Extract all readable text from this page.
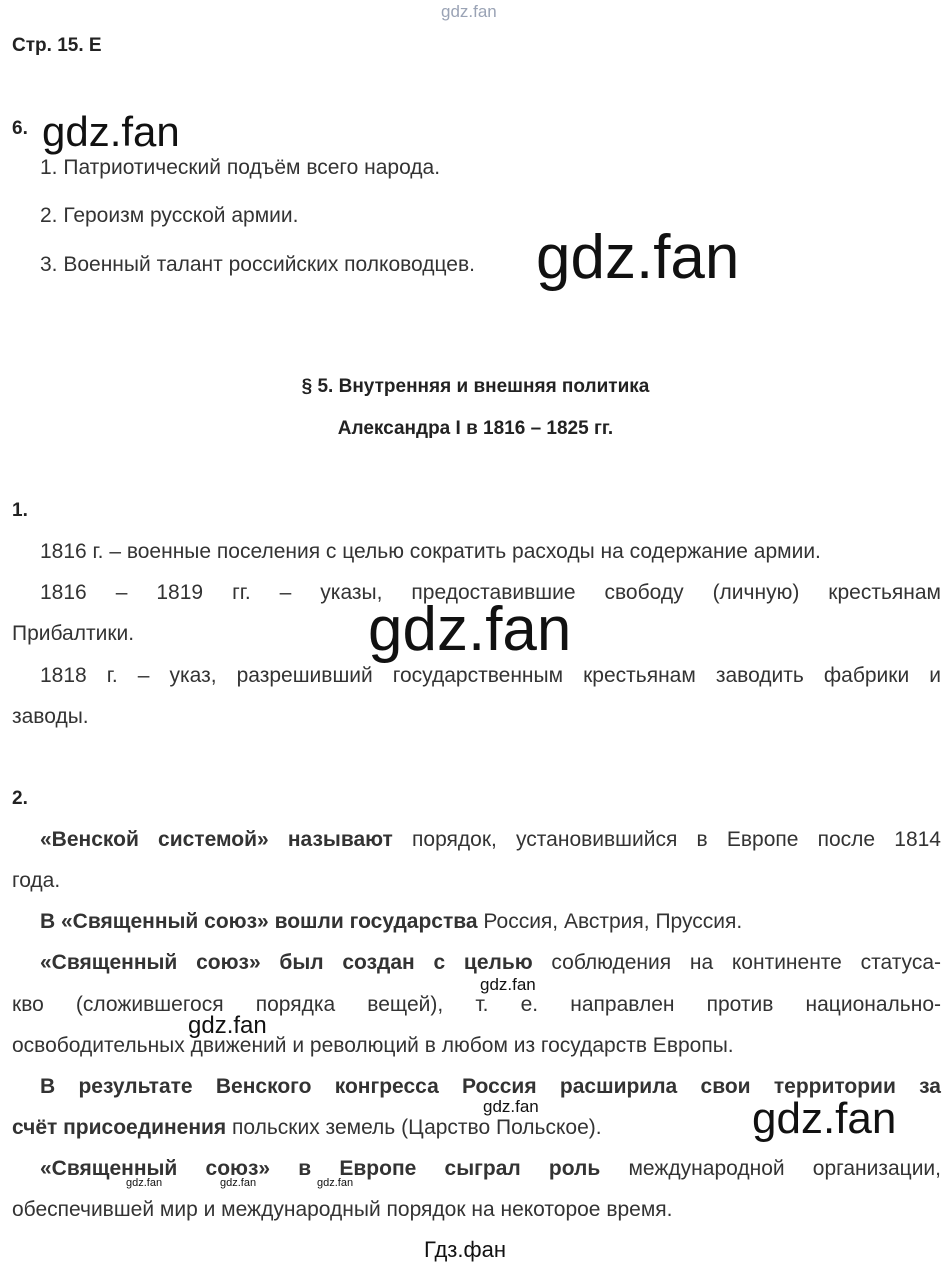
gdz.fan
Стр. 15. Е
6. gdz.fan
1. Патриотический подъём всего народа.
2. Героизм русской армии.
3. Военный талант российских полководцев. gdz.fan
§ 5. Внутренняя и внешняя политика
Александра I в 1816 – 1825 гг.
1.
1816 г. – военные поселения с целью сократить расходы на содержание армии.
1816 – 1819 гг. – указы, предоставившие свободу (личную) крестьянам
Прибалтики.	gdz.fan
1818 г. – указ, разрешивший государственным крестьянам заводить фабрики и
заводы.
2.
«Венской системой» называют порядок, установившийся в Европе после 1814
года.
В «Священный союз» вошли государства Россия, Австрия, Пруссия.
«Священный союз» был создан с целью соблюдения на континенте статуса-
кво (сложившегося порядка вещей), т. е. направлен против национально-
освободительных движений и революций в любом из государств Европы.
gdz.fan
gdz.fan
В результате Венского конгресса Россия расширила свои территории за
счёт присоединения польских земель (Царство Польское).
gdz.fan	gdz.fan
«Священный союз» в Европе сыграл роль международной организации,
gdz.fan	gdz.fan	gdz.fan
обеспечившей мир и международный порядок на некоторое время.
Гдз.фан
